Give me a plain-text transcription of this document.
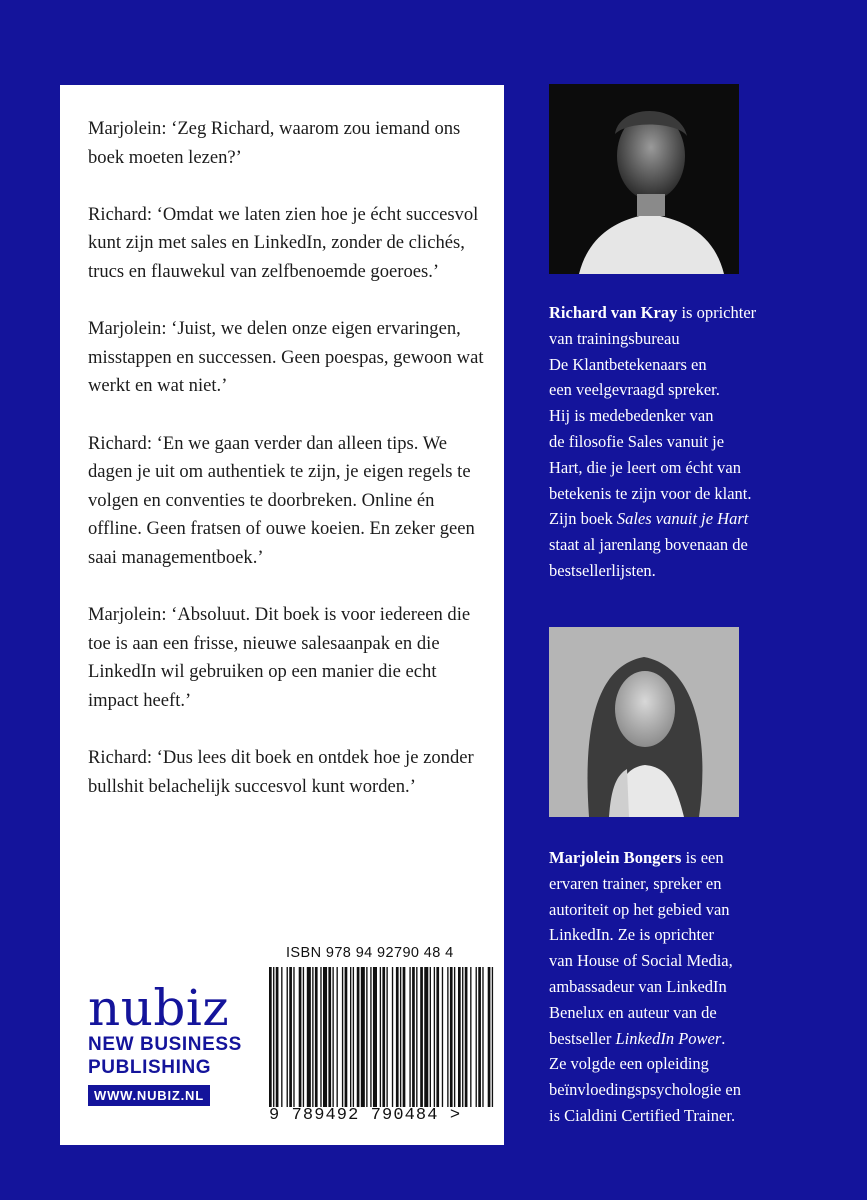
Marjolein: ‘Zeg Richard, waarom zou iemand ons boek moeten lezen?’

Richard: ‘Omdat we laten zien hoe je écht succesvol kunt zijn met sales en LinkedIn, zonder de clichés, trucs en flauwekul van zelfbenoemde goeroes.’

Marjolein: ‘Juist, we delen onze eigen ervaringen, misstappen en successen. Geen poespas, gewoon wat werkt en wat niet.’

Richard: ‘En we gaan verder dan alleen tips. We dagen je uit om authentiek te zijn, je eigen regels te volgen en conventies te doorbreken. Online én offline. Geen fratsen of ouwe koeien. En zeker geen saai managementboek.’

Marjolein: ‘Absoluut. Dit boek is voor iedereen die toe is aan een frisse, nieuwe salesaanpak en die LinkedIn wil gebruiken op een manier die echt impact heeft.’

Richard: ‘Dus lees dit boek en ontdek hoe je zonder bullshit belachelijk succesvol kunt worden.’

nubiz
NEW BUSINESS
PUBLISHING
WWW.NUBIZ.NL
ISBN 978 94 92790 48 4
9 789492 790484 >
Richard van Kray is oprichter
van trainingsbureau
De Klantbetekenaars en
een veelgevraagd spreker.
Hij is medebedenker van
de filosofie Sales vanuit je
Hart, die je leert om écht van
betekenis te zijn voor de klant.
Zijn boek Sales vanuit je Hart
staat al jarenlang bovenaan de
bestsellerlijsten.
Marjolein Bongers is een
ervaren trainer, spreker en
autoriteit op het gebied van
LinkedIn. Ze is oprichter
van House of Social Media,
ambassadeur van LinkedIn
Benelux en auteur van de
bestseller LinkedIn Power.
Ze volgde een opleiding
beïnvloedingspsychologie en
is Cialdini Certified Trainer.
